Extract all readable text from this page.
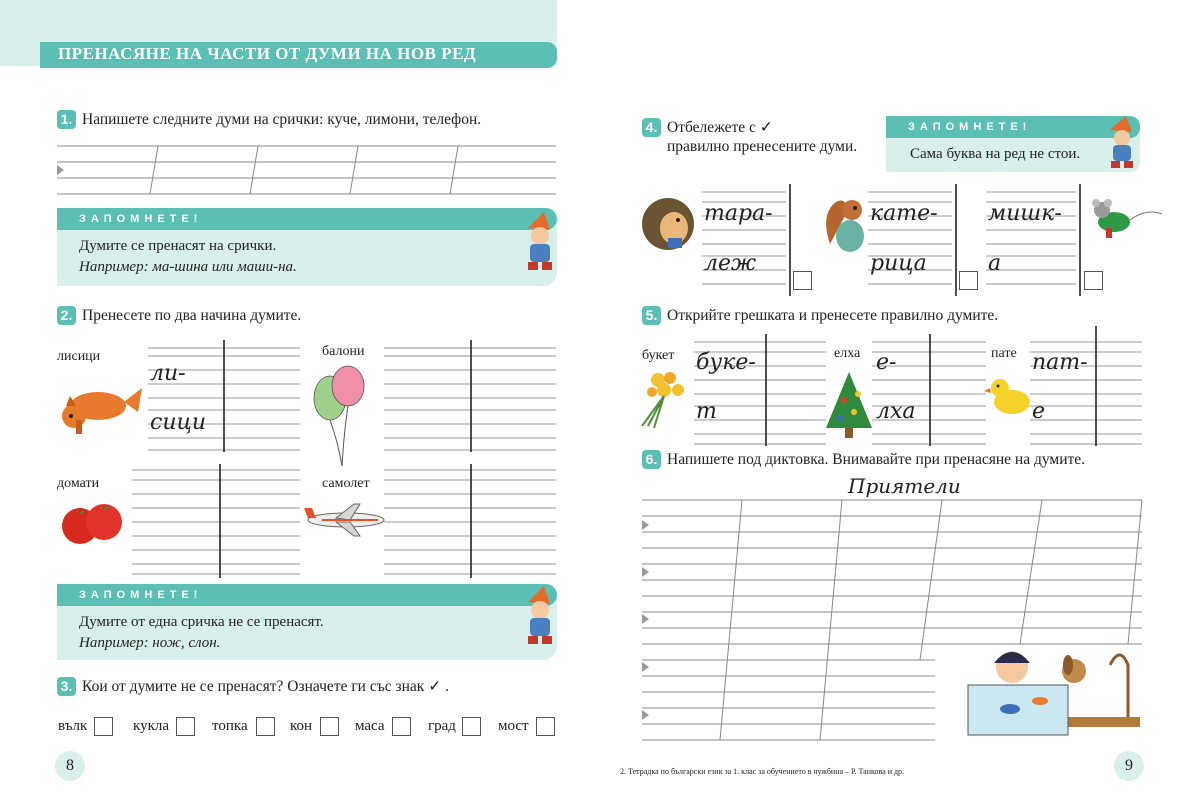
ПРЕНАСЯНЕ НА ЧАСТИ ОТ ДУМИ НА НОВ РЕД
1. Напишете следните думи на срички: куче, лимони, телефон.
ЗАПОМНЕТЕ!
Думите се пренасят на срички.
Например: ма-шина или маши-на.
2. Пренесете по два начина думите.
лисици	балони
домати	самолет
ли-
сици
ЗАПОМНЕТЕ!
Думите от една сричка не се пренасят.
Например: нож, слон.
3. Кои от думите не се пренасят? Означете ги със знак ✓ .
вълк	кукла	топка	кон	маса	град	мост
8
4. Отбележете с ✓
правилно пренесените думи.
ЗАПОМНЕТЕ!
Сама буква на ред не стои.
тара-
леж
кате-
рица
мишк-
а
5. Открийте грешката и пренесете правилно думите.
букет	елха	пате
буке-
т
е-
лха
пат-
е
6. Напишете под диктовка. Внимавайте при пренасяне на думите.
Приятели
2. Тетрадка по български език за 1. клас за обучението в чужбина – Р. Танкова и др.	9
